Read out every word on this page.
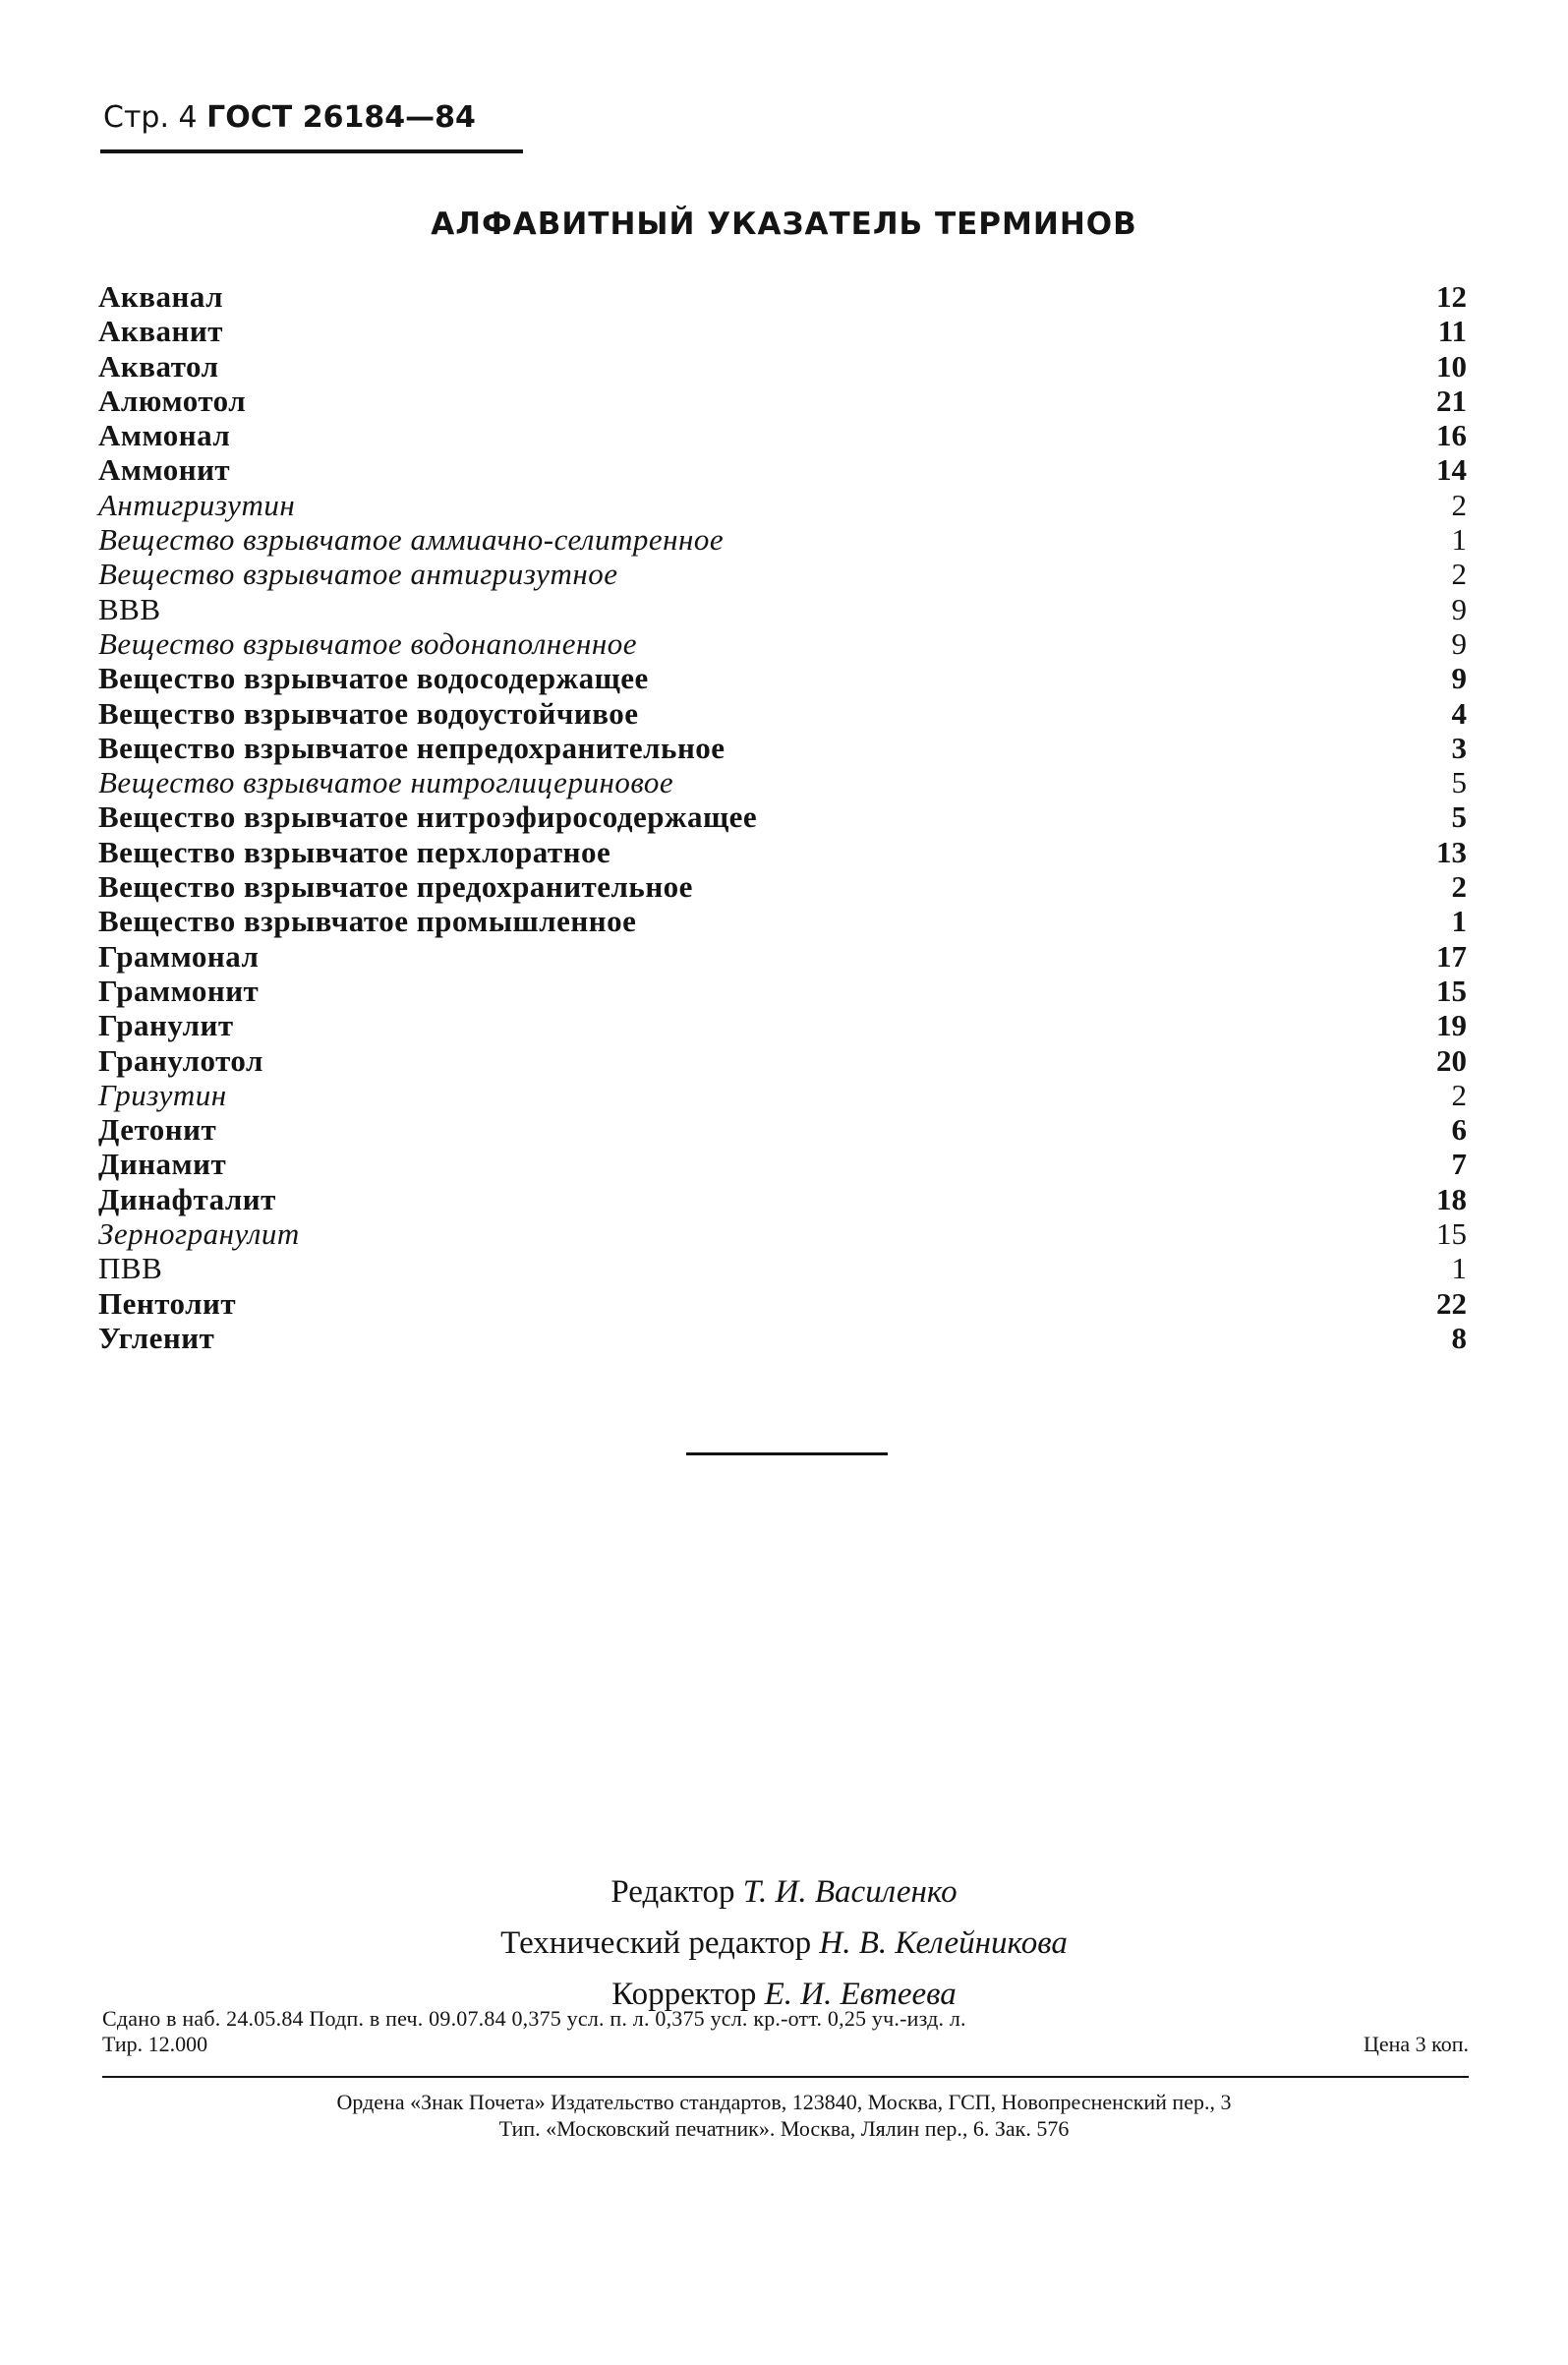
Стр. 4 ГОСТ 26184—84
АЛФАВИТНЫЙ УКАЗАТЕЛЬ ТЕРМИНОВ
Акванал	12
Акванит	11
Акватол	10
Алюмотол	21
Аммонал	16
Аммонит	14
Антигризутин	2
Вещество взрывчатое аммиачно-селитренное	1
Вещество взрывчатое антигризутное	2
ВВВ	9
Вещество взрывчатое водонаполненное	9
Вещество взрывчатое водосодержащее	9
Вещество взрывчатое водоустойчивое	4
Вещество взрывчатое непредохранительное	3
Вещество взрывчатое нитроглицериновое	5
Вещество взрывчатое нитроэфиросодержащее	5
Вещество взрывчатое перхлоратное	13
Вещество взрывчатое предохранительное	2
Вещество взрывчатое промышленное	1
Граммонал	17
Граммонит	15
Гранулит	19
Гранулотол	20
Гризутин	2
Детонит	6
Динамит	7
Динафталит	18
Зерногранулит	15
ПВВ	1
Пентолит	22
Угленит	8
Редактор Т. И. Василенко
Технический редактор Н. В. Келейникова
Корректор Е. И. Евтеева
Сдано в наб. 24.05.84 Подп. в печ. 09.07.84 0,375 усл. п. л. 0,375 усл. кр.-отт. 0,25 уч.-изд. л.
Тир. 12.000	Цена 3 коп.
Ордена «Знак Почета» Издательство стандартов, 123840, Москва, ГСП, Новопресненский пер., 3
Тип. «Московский печатник». Москва, Лялин пер., 6. Зак. 576
